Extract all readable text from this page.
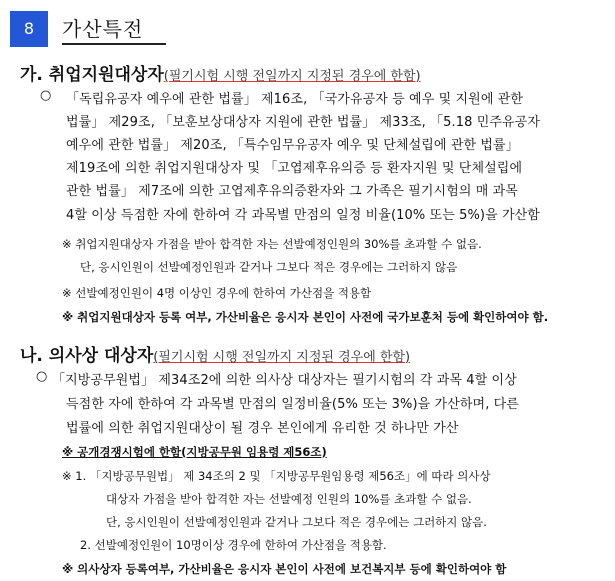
8	가산특전
가. 취업지원대상자(필기시험 시행 전일까지 지정된 경우에 한함)
○ 「독립유공자 예우에 관한 법률」 제16조, 「국가유공자 등 예우 및 지원에 관한
법률」 제29조, 「보훈보상대상자 지원에 관한 법률」 제33조, 「5.18 민주유공자
예우에 관한 법률」 제20조, 「특수임무유공자 예우 및 단체설립에 관한 법률」
제19조에 의한 취업지원대상자 및 「고엽제후유의증 등 환자지원 및 단체설립에
관한 법률」 제7조에 의한 고엽제후유의증환자와 그 가족은 필기시험의 매 과목
4할 이상 득점한 자에 한하여 각 과목별 만점의 일정 비율(10% 또는 5%)을 가산함
※ 취업지원대상자 가점을 받아 합격한 자는 선발예정인원의 30%를 초과할 수 없음.
단, 응시인원이 선발예정인원과 같거나 그보다 적은 경우에는 그러하지 않음
※ 선발예정인원이 4명 이상인 경우에 한하여 가산점을 적용함
※ 취업지원대상자 등록 여부, 가산비율은 응시자 본인이 사전에 국가보훈처 등에 확인하여야 함.
나. 의사상 대상자(필기시험 시행 전일까지 지정된 경우에 한함)
○ 「지방공무원법」 제34조2에 의한 의사상 대상자는 필기시험의 각 과목 4할 이상
득점한 자에 한하여 각 과목별 만점의 일정비율(5% 또는 3%)을 가산하며, 다른
법률에 의한 취업지원대상이 될 경우 본인에게 유리한 것 하나만 가산
※ 공개경쟁시험에 한함(지방공무원 임용령 제56조)
※ 1. 「지방공무원법」 제 34조의 2 및 「지방공무원임용령 제56조」에 따라 의사상
대상자 가점을 받아 합격한 자는 선발예정 인원의 10%를 초과할 수 없음.
단, 응시인원이 선발예정인원과 같거나 그보다 적은 경우에는 그러하지 않음.
2. 선발예정인원이 10명이상 경우에 한하여 가산점을 적용함.
※ 의사상자 등록여부, 가산비율은 응시자 본인이 사전에 보건복지부 등에 확인하여야 함
